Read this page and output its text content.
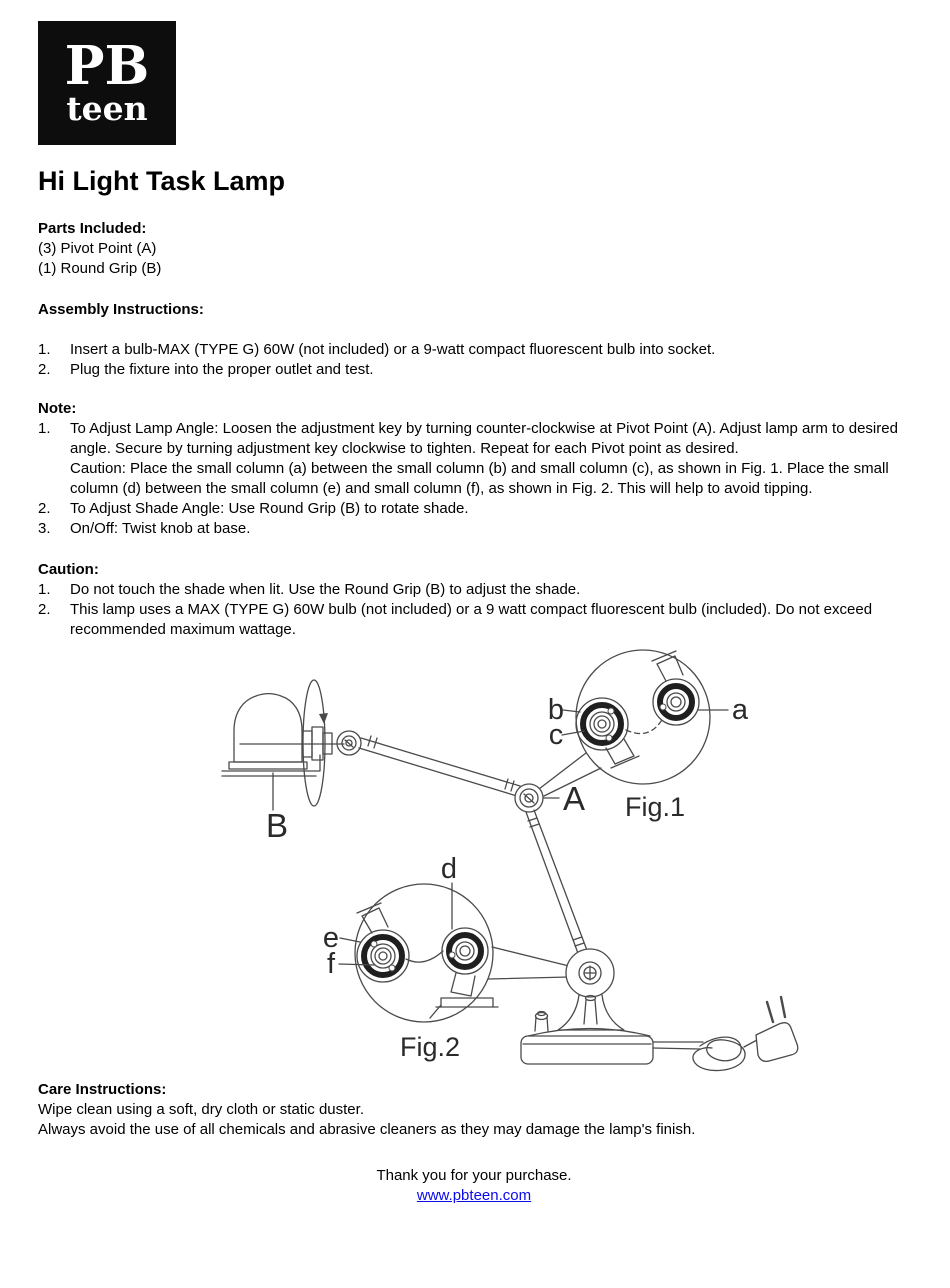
PB
teen
Hi Light Task Lamp
Parts Included:
(3) Pivot Point (A)
(1) Round Grip (B)
Assembly Instructions:
1.	Insert a bulb-MAX (TYPE G) 60W (not included) or a 9-watt compact fluorescent bulb into socket.
2.	Plug the fixture into the proper outlet and test.
Note:
1.	To Adjust Lamp Angle: Loosen the adjustment key by turning counter-clockwise at Pivot Point (A). Adjust lamp arm to desired angle. Secure by turning adjustment key clockwise to tighten. Repeat for each Pivot point as desired.
Caution: Place the small column (a) between the small column (b) and small column (c), as shown in Fig. 1. Place the small column (d) between the small column (e) and small column (f), as shown in Fig. 2. This will help to avoid tipping.
2.	To Adjust Shade Angle: Use Round Grip (B) to rotate shade.
3.	On/Off: Twist knob at base.
Caution:
1.	Do not touch the shade when lit. Use the Round Grip (B) to adjust the shade.
2.	This lamp uses a MAX (TYPE G) 60W bulb (not included) or a 9 watt compact fluorescent bulb (included). Do not exceed recommended maximum wattage.
B
A
b
c
a
Fig.1
d
e
f
Fig.2
Care Instructions:
Wipe clean using a soft, dry cloth or static duster.
Always avoid the use of all chemicals and abrasive cleaners as they may damage the lamp's finish.
Thank you for your purchase.
www.pbteen.com
